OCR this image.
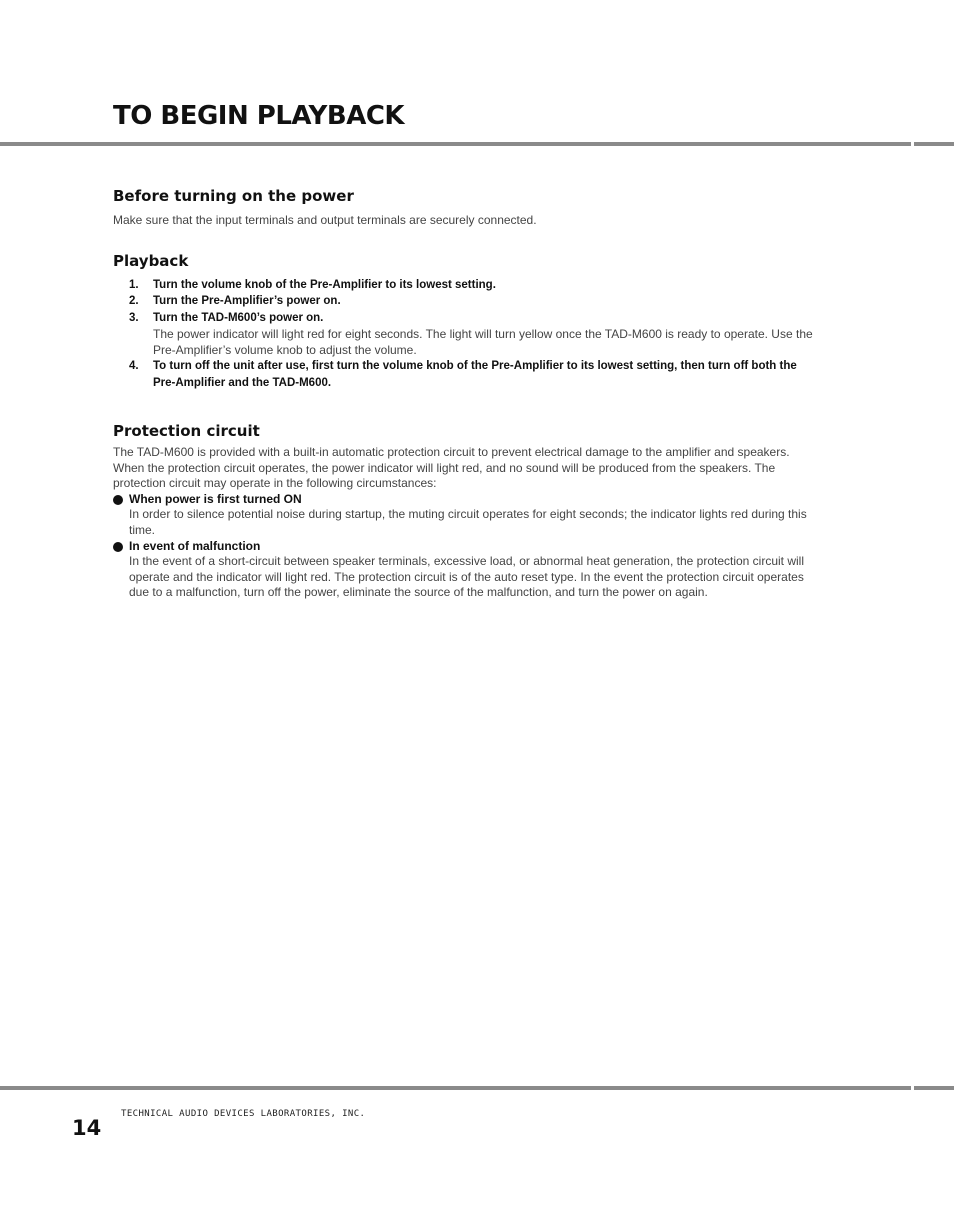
TO BEGIN PLAYBACK
Before turning on the power

Make sure that the input terminals and output terminals are securely connected.

Playback
1. Turn the volume knob of the Pre-Amplifier to its lowest setting.
2. Turn the Pre-Amplifier’s power on.
3. Turn the TAD-M600’s power on.
The power indicator will light red for eight seconds. The light will turn yellow once the TAD-M600 is ready to operate. Use the Pre-Amplifier’s volume knob to adjust the volume.
4. To turn off the unit after use, first turn the volume knob of the Pre-Amplifier to its lowest setting, then turn off both the Pre-Amplifier and the TAD-M600.
Protection circuit

The TAD-M600 is provided with a built-in automatic protection circuit to prevent electrical damage to the amplifier and speakers. When the protection circuit operates, the power indicator will light red, and no sound will be produced from the speakers. The protection circuit may operate in the following circumstances:

When power is first turned ON
In order to silence potential noise during startup, the muting circuit operates for eight seconds; the indicator lights red during this time.
In event of malfunction
In the event of a short-circuit between speaker terminals, excessive load, or abnormal heat generation, the protection circuit will operate and the indicator will light red. The protection circuit is of the auto reset type. In the event the protection circuit operates due to a malfunction, turn off the power, eliminate the source of the malfunction, and turn the power on again.
TECHNICAL AUDIO DEVICES LABORATORIES, INC.
14
